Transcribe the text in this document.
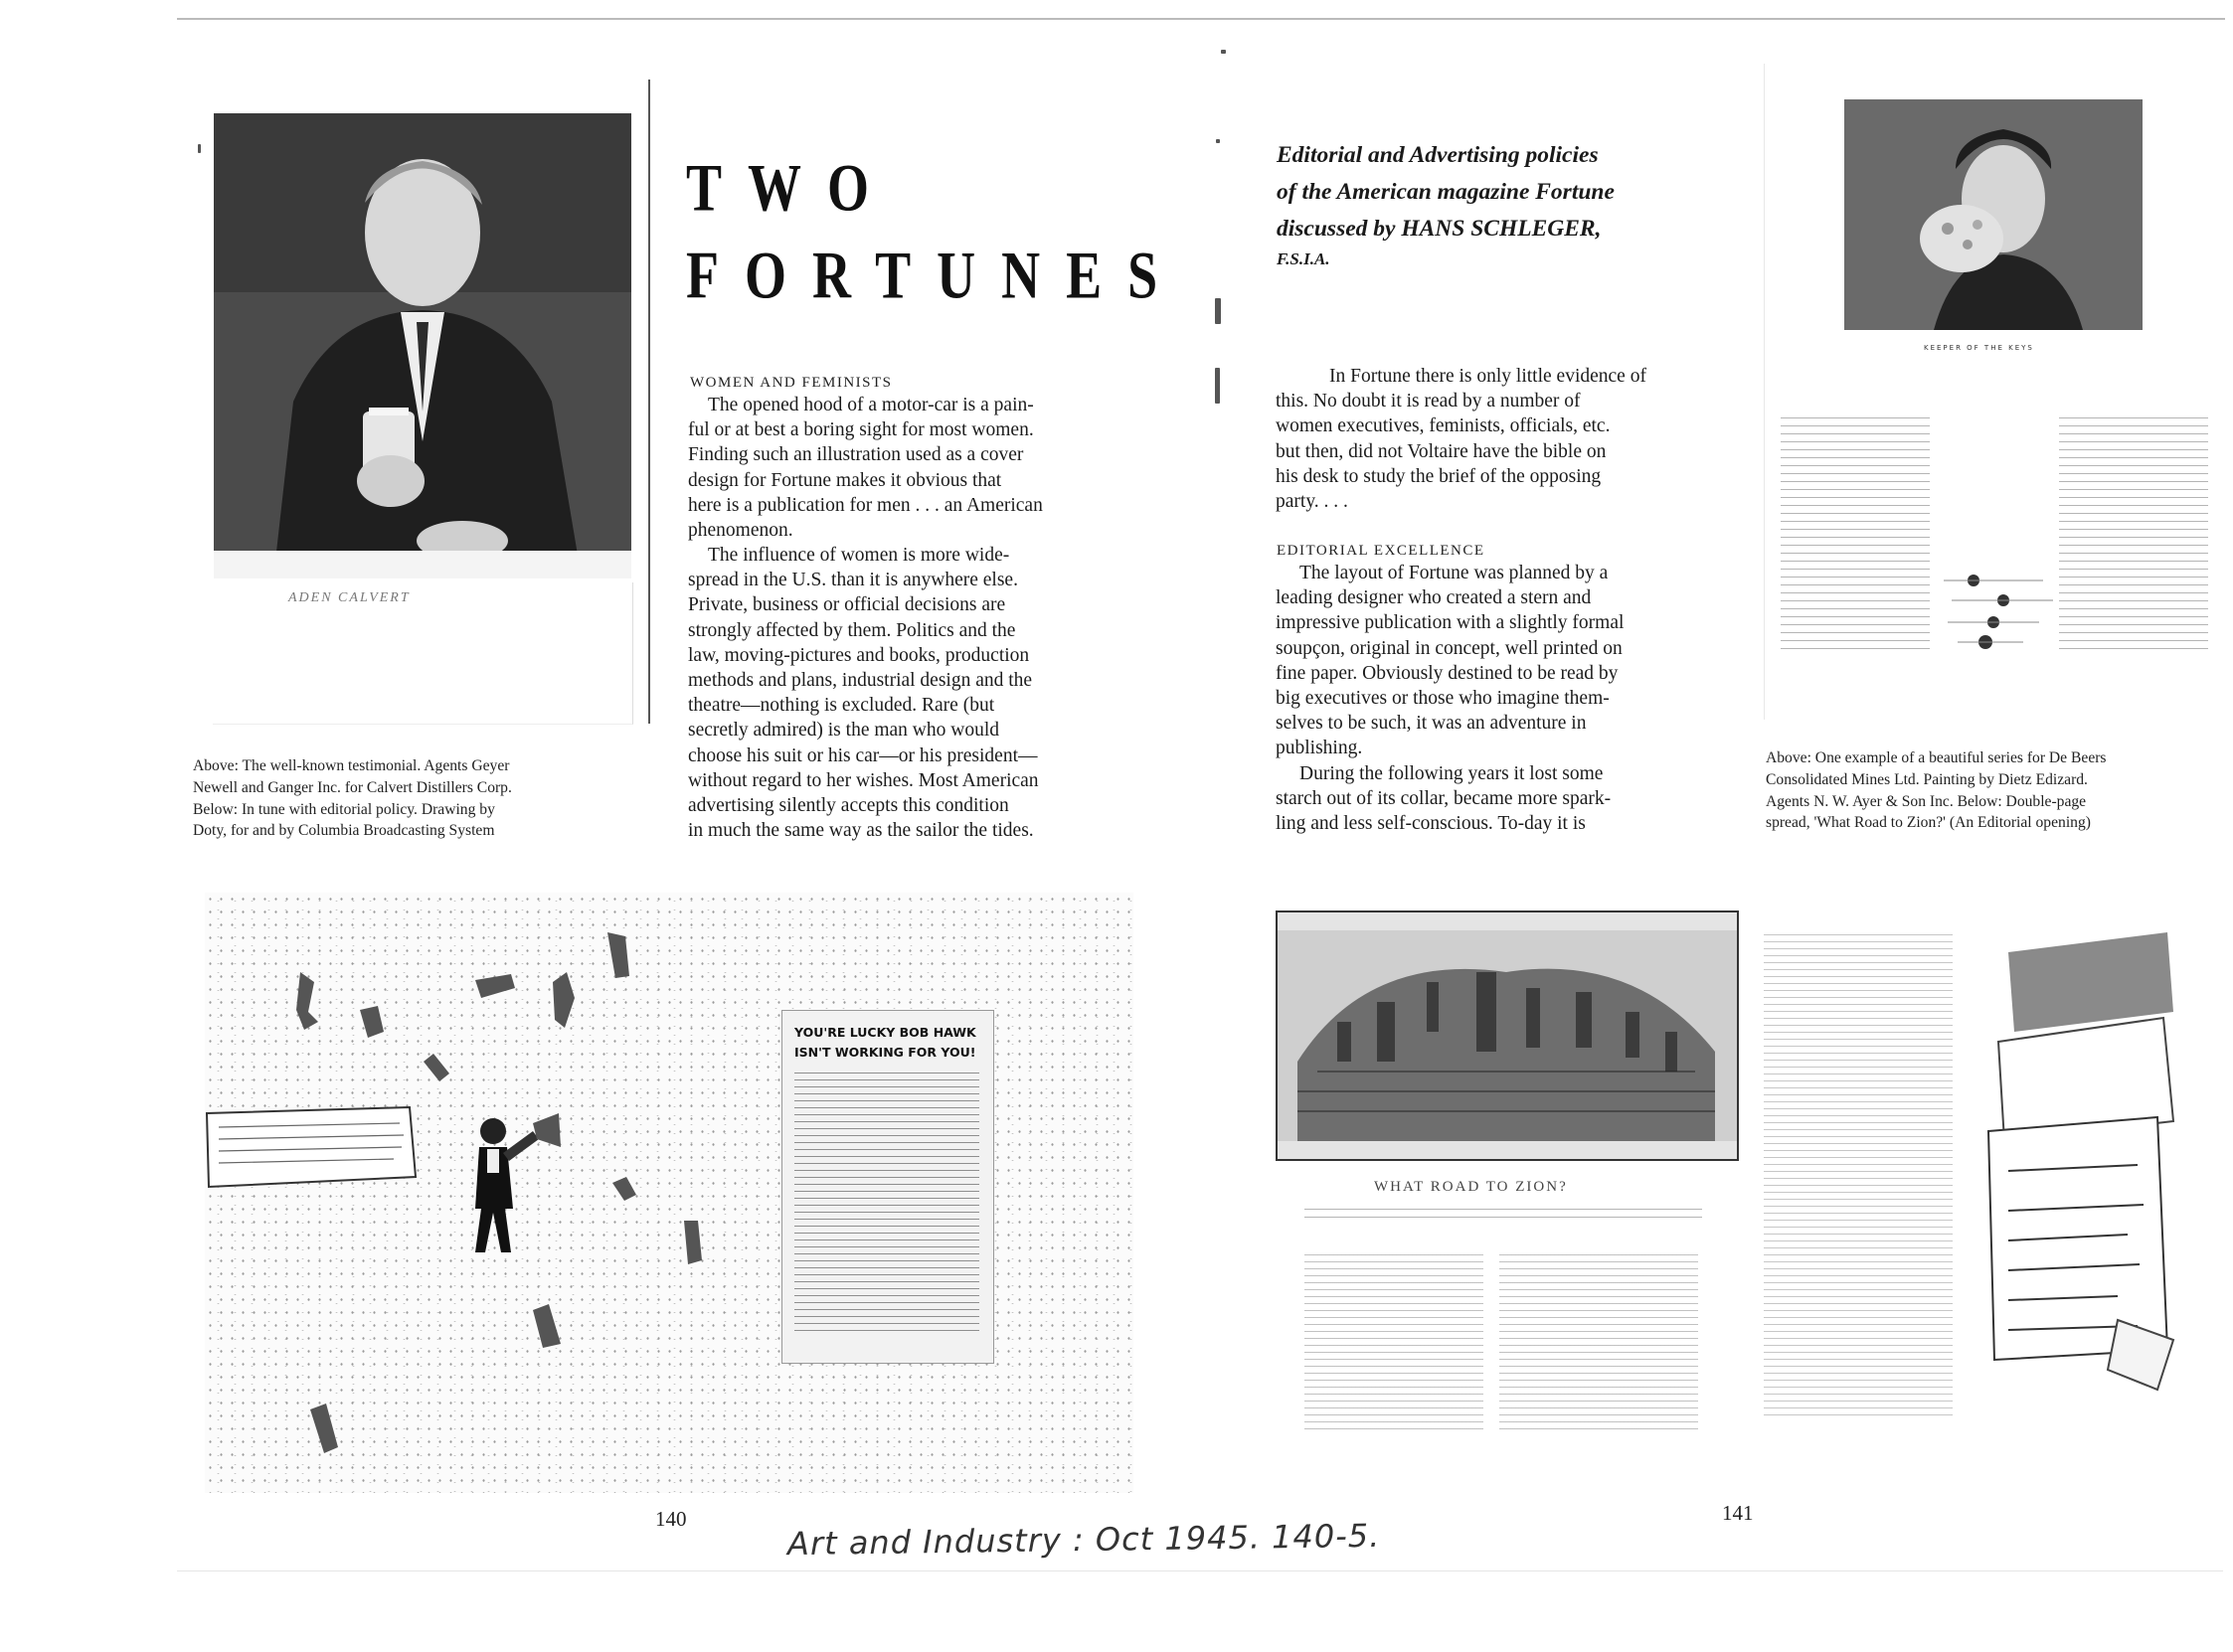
ADEN CALVERT
TWO
FORTUNES
WOMEN AND FEMINISTS
The opened hood of a motor-car is a pain-
ful or at best a boring sight for most women.
Finding such an illustration used as a cover
design for Fortune makes it obvious that
here is a publication for men . . . an American
phenomenon.
The influence of women is more wide-
spread in the U.S. than it is anywhere else.
Private, business or official decisions are
strongly affected by them. Politics and the
law, moving-pictures and books, production
methods and plans, industrial design and the
theatre—nothing is excluded. Rare (but
secretly admired) is the man who would
choose his suit or his car—or his president—
without regard to her wishes. Most American
advertising silently accepts this condition
in much the same way as the sailor the tides.
Above: The well-known testimonial. Agents Geyer
Newell and Ganger Inc. for Calvert Distillers Corp.
Below: In tune with editorial policy. Drawing by
Doty, for and by Columbia Broadcasting System
YOU'RE LUCKY BOB HAWK
ISN'T WORKING FOR YOU!
140
Editorial and Advertising policies
of the American magazine Fortune
discussed by HANS SCHLEGER,
F.S.I.A.
In Fortune there is only little evidence of
this. No doubt it is read by a number of
women executives, feminists, officials, etc.
but then, did not Voltaire have the bible on
his desk to study the brief of the opposing
party. . . .
EDITORIAL EXCELLENCE
The layout of Fortune was planned by a
leading designer who created a stern and
impressive publication with a slightly formal
soupçon, original in concept, well printed on
fine paper. Obviously destined to be read by
big executives or those who imagine them-
selves to be such, it was an adventure in
publishing.
During the following years it lost some
starch out of its collar, became more spark-
ling and less self-conscious. To-day it is
KEEPER OF THE KEYS
Above: One example of a beautiful series for De Beers
Consolidated Mines Ltd. Painting by Dietz Edizard.
Agents N. W. Ayer & Son Inc. Below: Double-page
spread, 'What Road to Zion?' (An Editorial opening)
WHAT ROAD TO ZION?
141
Art and Industry : Oct 1945. 140-5.
